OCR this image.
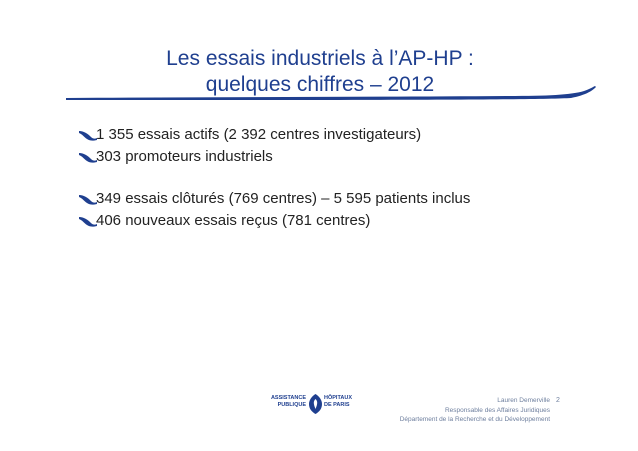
Les essais industriels à l’AP-HP :
quelques chiffres – 2012
1 355 essais actifs (2 392 centres investigateurs)
303 promoteurs industriels
349 essais clôturés (769 centres) – 5 595 patients inclus
406 nouveaux essais reçus (781 centres)
ASSISTANCE
PUBLIQUE
HÔPITAUX
DE PARIS
Lauren Demerville
Responsable des Affaires Juridiques
Département de la Recherche et du Développement
2
